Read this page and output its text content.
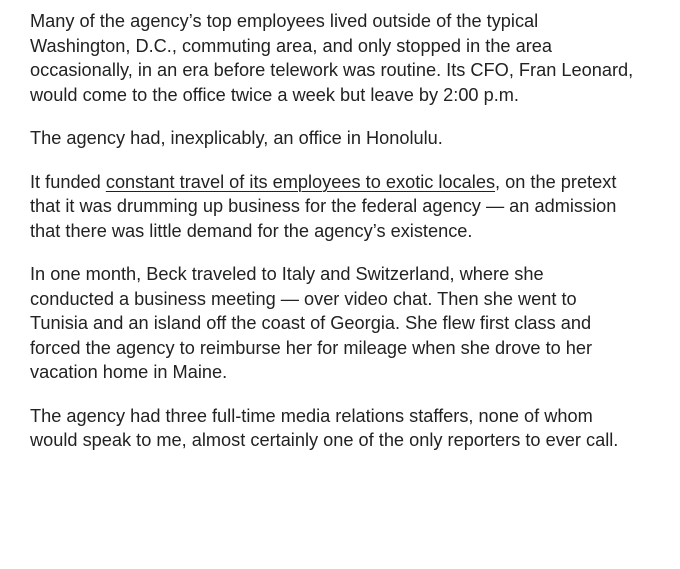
Many of the agency’s top employees lived outside of the typical
Washington, D.C., commuting area, and only stopped in the area
occasionally, in an era before telework was routine. Its CFO, Fran Leonard,
would come to the office twice a week but leave by 2:00 p.m.

The agency had, inexplicably, an office in Honolulu.

It funded constant travel of its employees to exotic locales, on the pretext
that it was drumming up business for the federal agency — an admission
that there was little demand for the agency’s existence.

In one month, Beck traveled to Italy and Switzerland, where she
conducted a business meeting — over video chat. Then she went to
Tunisia and an island off the coast of Georgia. She flew first class and
forced the agency to reimburse her for mileage when she drove to her
vacation home in Maine.

The agency had three full-time media relations staffers, none of whom
would speak to me, almost certainly one of the only reporters to ever call.
